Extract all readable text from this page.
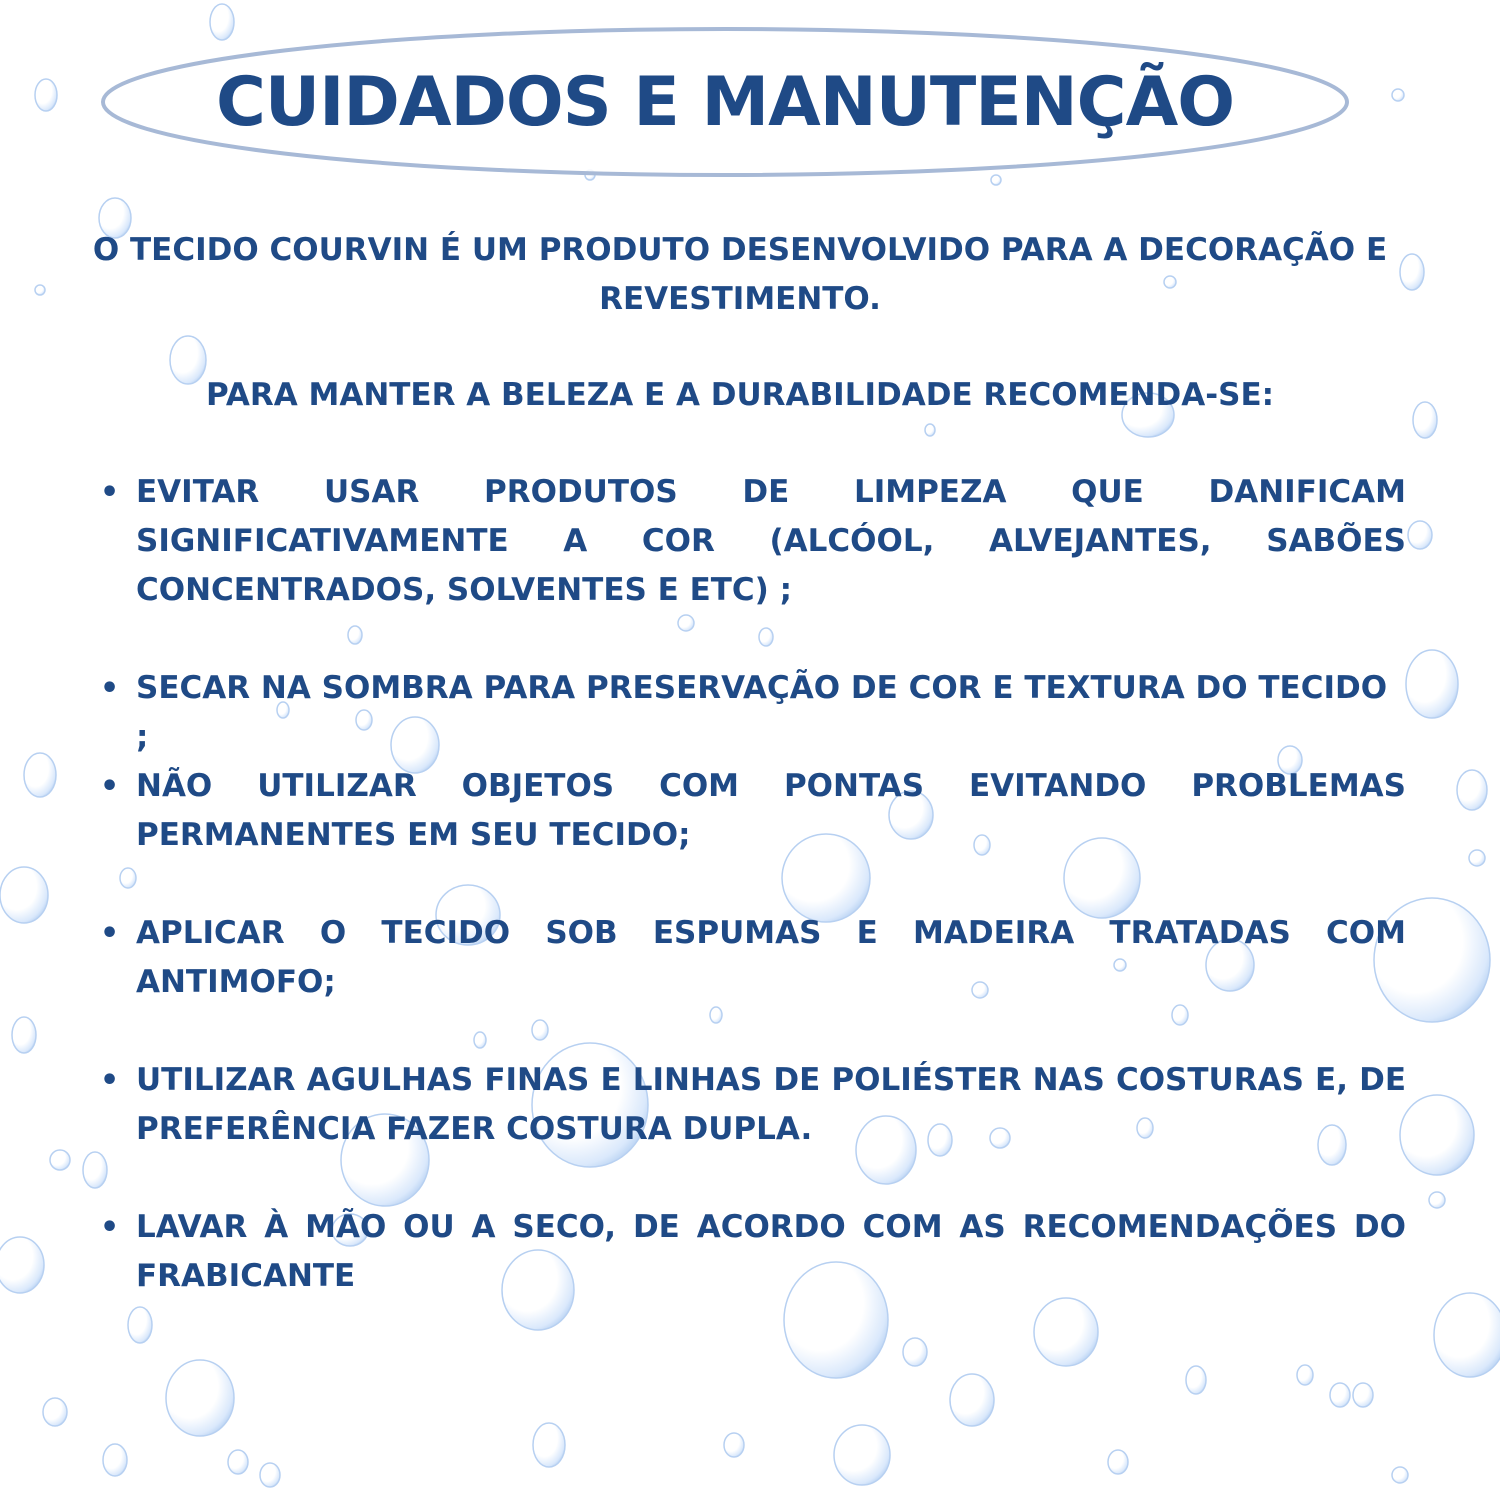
CUIDADOS E MANUTENÇÃO

O TECIDO COURVIN É UM PRODUTO DESENVOLVIDO PARA A DECORAÇÃO E REVESTIMENTO.

PARA MANTER A BELEZA E A DURABILIDADE RECOMENDA-SE:

• EVITAR USAR PRODUTOS DE LIMPEZA QUE DANIFICAM SIGNIFICATIVAMENTE A COR (ALCÓOL, ALVEJANTES, SABÕES CONCENTRADOS, SOLVENTES E ETC) ;
• SECAR NA SOMBRA PARA PRESERVAÇÃO DE COR E TEXTURA DO TECIDO ;
• NÃO UTILIZAR OBJETOS COM PONTAS EVITANDO PROBLEMAS PERMANENTES EM SEU TECIDO;
• APLICAR O TECIDO SOB ESPUMAS E MADEIRA TRATADAS COM ANTIMOFO;
• UTILIZAR AGULHAS FINAS E LINHAS DE POLIÉSTER NAS COSTURAS E, DE PREFERÊNCIA FAZER COSTURA DUPLA.
• LAVAR À MÃO OU A SECO, DE ACORDO COM AS RECOMENDAÇÕES DO FRABICANTE
